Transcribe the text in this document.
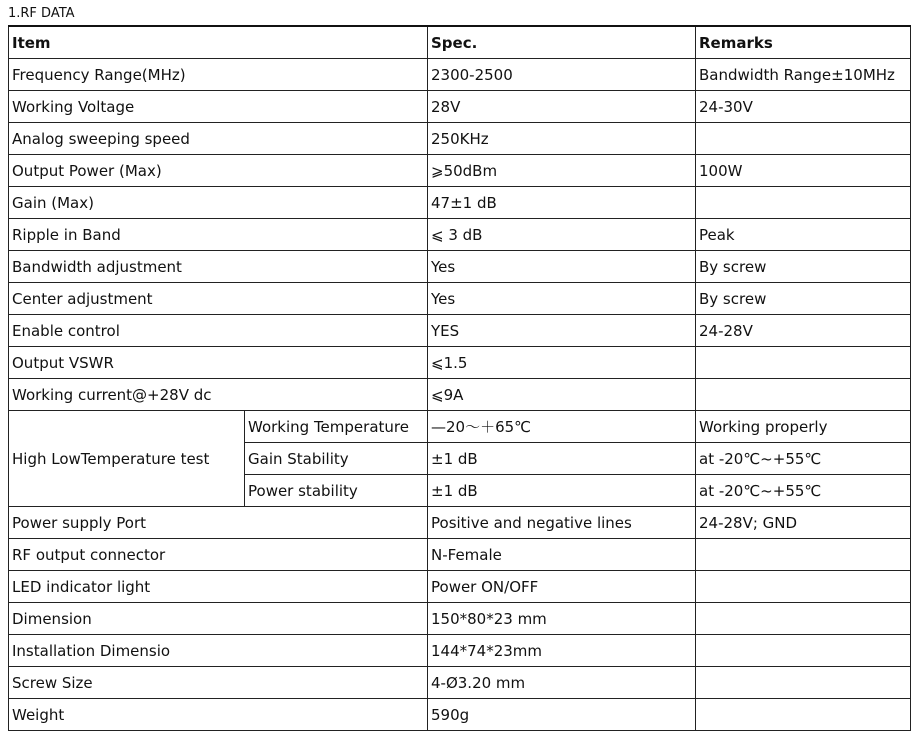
1.RF DATA
Item		Spec.	Remarks
Frequency Range(MHz)		2300-2500	Bandwidth Range±10MHz
Working Voltage		28V	24-30V
Analog sweeping speed		250KHz	
Output Power (Max)		⩾50dBm	100W
Gain (Max)		47±1 dB	
Ripple in Band		⩽ 3 dB	Peak
Bandwidth adjustment		Yes	By screw
Center adjustment		Yes	By screw
Enable control		YES	24-28V
Output VSWR		⩽1.5	
Working current@+28V dc		⩽9A	
High LowTemperature test	Working Temperature	—20～＋65℃	Working properly
	Gain Stability	±1 dB	at -20℃~+55℃
	Power stability	±1 dB	at -20℃~+55℃
Power supply Port		Positive and negative lines	24-28V; GND
RF output connector		N-Female	
LED indicator light		Power ON/OFF	
Dimension		150*80*23 mm	
Installation Dimensio		144*74*23mm	
Screw Size		4-Ø3.20 mm	
Weight		590g	
